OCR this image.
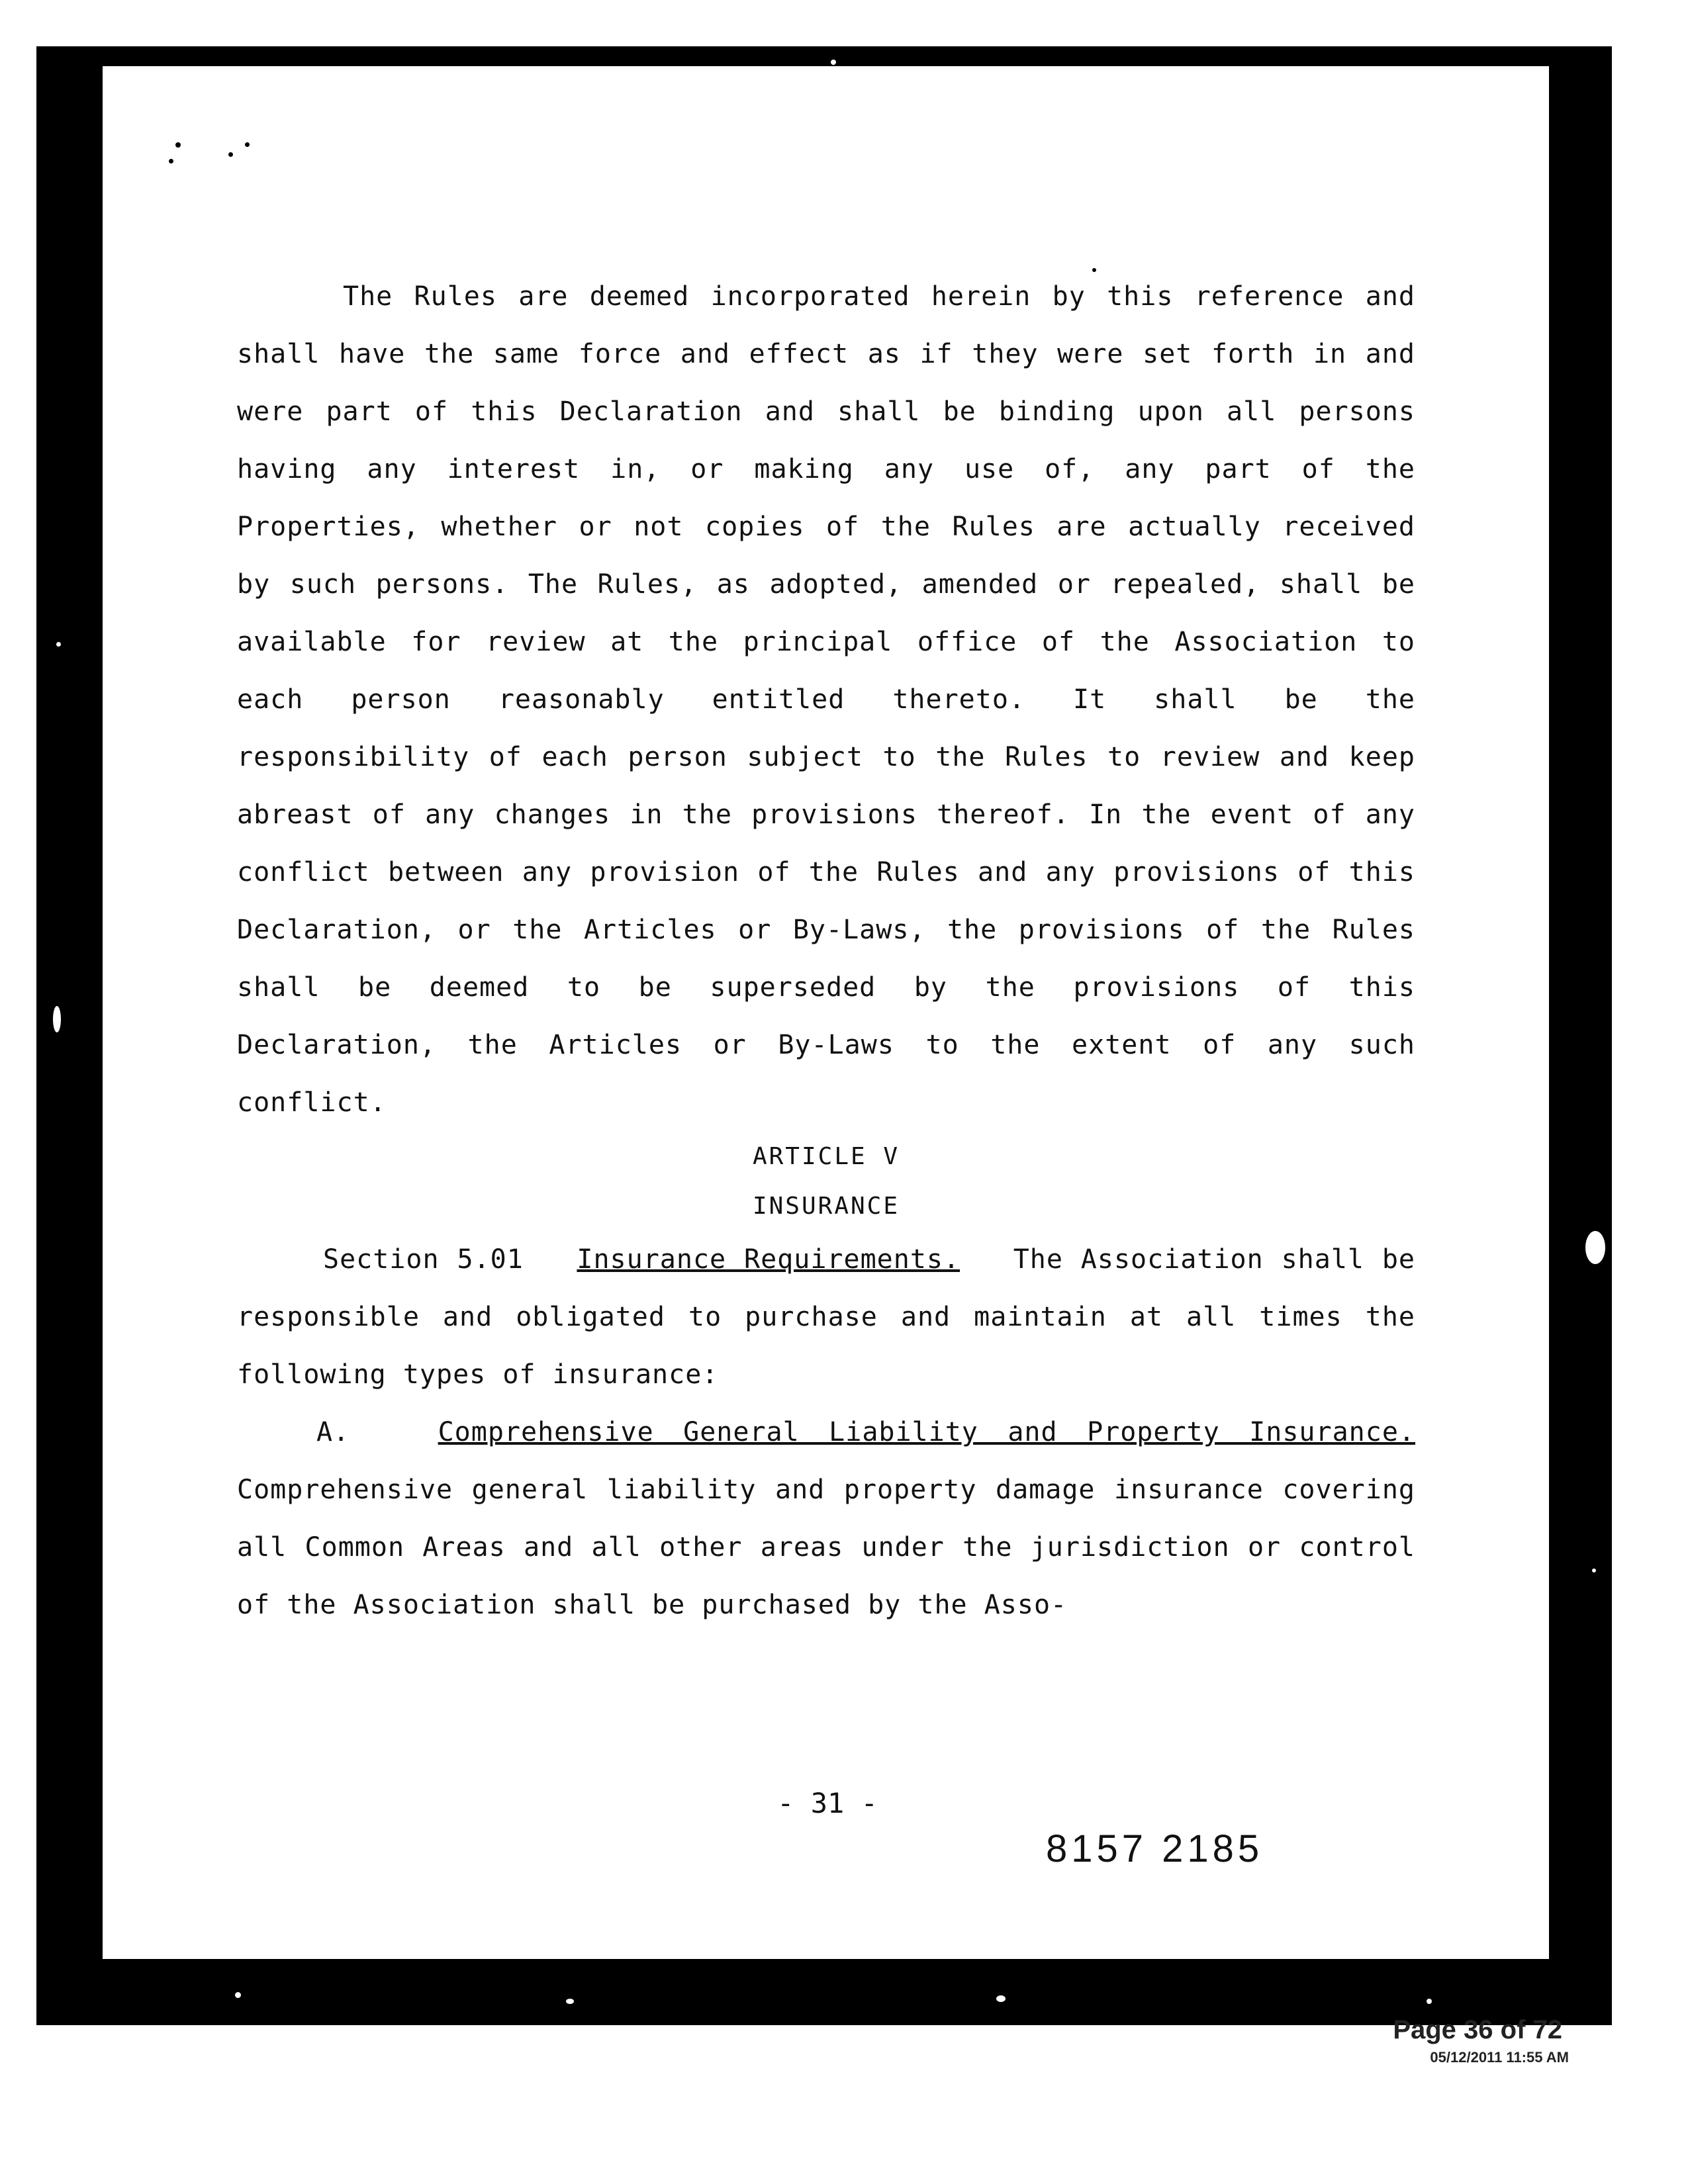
The Rules are deemed incorporated herein by this reference and shall have the same force and effect as if they were set forth in and were part of this Declaration and shall be binding upon all persons having any interest in, or making any use of, any part of the Properties, whether or not copies of the Rules are actually received by such persons. The Rules, as adopted, amended or repealed, shall be available for review at the principal office of the Association to each person reasonably entitled thereto. It shall be the responsibility of each person subject to the Rules to review and keep abreast of any changes in the provisions thereof. In the event of any conflict between any provision of the Rules and any provisions of this Declaration, or the Articles or By-Laws, the provisions of the Rules shall be deemed to be superseded by the provisions of this Declaration, the Articles or By-Laws to the extent of any such conflict.

ARTICLE V

INSURANCE

Section 5.01 Insurance Requirements. The Association shall be responsible and obligated to purchase and maintain at all times the following types of insurance:

A.	Comprehensive General Liability and Property Insurance. Comprehensive general liability and property damage insurance covering all Common Areas and all other areas under the jurisdiction or control of the Association shall be purchased by the Asso-

- 31 -
8157 2185
Page 36 of 72
05/12/2011 11:55 AM
